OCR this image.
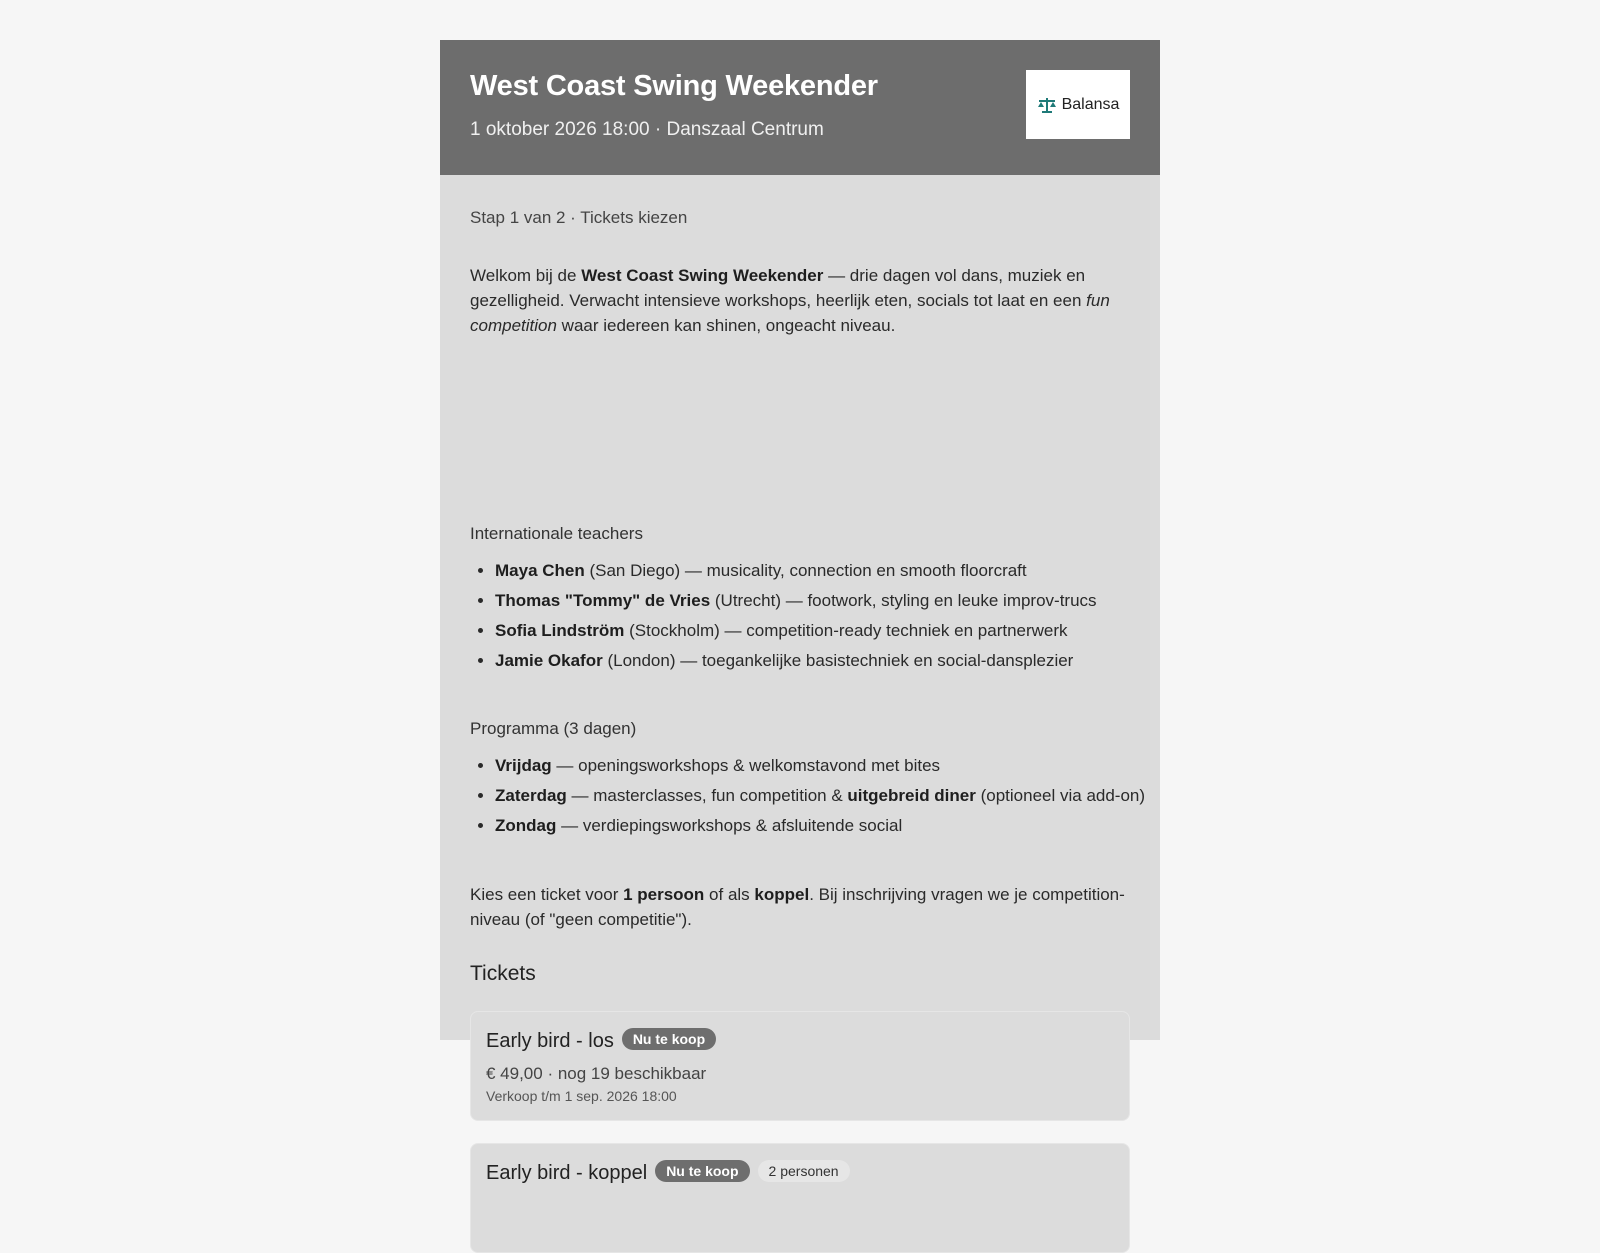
West Coast Swing Weekender
1 oktober 2026 18:00 · Danszaal Centrum
Balansa
Stap 1 van 2 · Tickets kiezen
Welkom bij de West Coast Swing Weekender — drie dagen vol dans, muziek en gezelligheid. Verwacht intensieve workshops, heerlijk eten, socials tot laat en een fun competition waar iedereen kan shinen, ongeacht niveau.
Internationale teachers
• Maya Chen (San Diego) — musicality, connection en smooth floorcraft
• Thomas "Tommy" de Vries (Utrecht) — footwork, styling en leuke improv-trucs
• Sofia Lindström (Stockholm) — competition-ready techniek en partnerwerk
• Jamie Okafor (London) — toegankelijke basistechniek en social-dansplezier
Programma (3 dagen)
• Vrijdag — openingsworkshops & welkomstavond met bites
• Zaterdag — masterclasses, fun competition & uitgebreid diner (optioneel via add-on)
• Zondag — verdiepingsworkshops & afsluitende social
Kies een ticket voor 1 persoon of als koppel. Bij inschrijving vragen we je competition-niveau (of "geen competitie").
Tickets
Early bird - los Nu te koop
€ 49,00 · nog 19 beschikbaar
Verkoop t/m 1 sep. 2026 18:00
Early bird - koppel Nu te koop 2 personen
